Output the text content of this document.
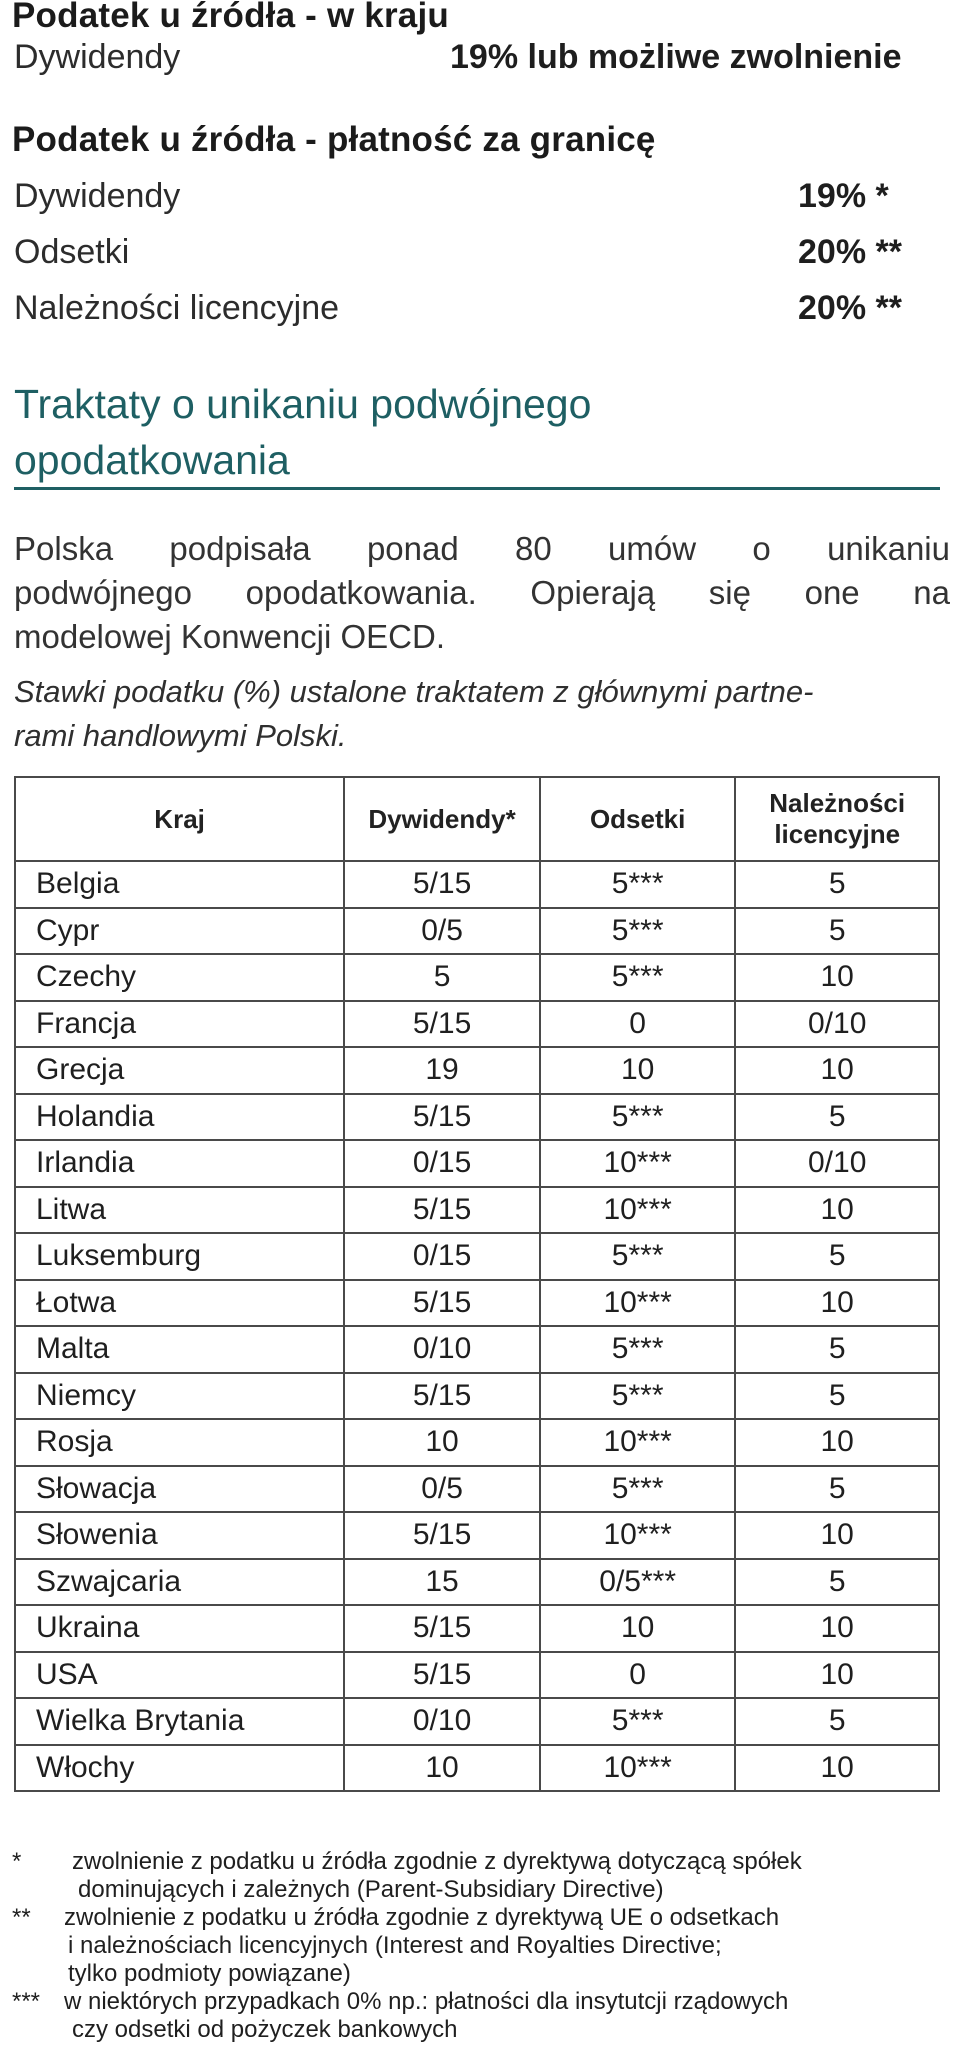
Podatek u źródła - w kraju
Dywidendy	19% lub możliwe zwolnienie
Podatek u źródła - płatność za granicę
Dywidendy	19% *
Odsetki	20% **
Należności licencyjne	20% **
Traktaty o unikaniu podwójnego
opodatkowania
Polska podpisała ponad 80 umów o unikaniu
podwójnego opodatkowania. Opierają się one na
modelowej Konwencji OECD.
Stawki podatku (%) ustalone traktatem z głównymi partne-
rami handlowymi Polski.
Kraj	Dywidendy*	Odsetki	Należności
licencyjne

Belgia	5/15	5***	5
Cypr	0/5	5***	5
Czechy	5	5***	10
Francja	5/15	0	0/10
Grecja	19	10	10
Holandia	5/15	5***	5
Irlandia	0/15	10***	0/10
Litwa	5/15	10***	10
Luksemburg	0/15	5***	5
Łotwa	5/15	10***	10
Malta	0/10	5***	5
Niemcy	5/15	5***	5
Rosja	10	10***	10
Słowacja	0/5	5***	5
Słowenia	5/15	10***	10
Szwajcaria	15	0/5***	5
Ukraina	5/15	10	10
USA	5/15	0	10
Wielka Brytania	0/10	5***	5
Włochy	10	10***	10
*	zwolnienie z podatku u źródła zgodnie z dyrektywą dotyczącą spółek
dominujących i zależnych (Parent-Subsidiary Directive)
** zwolnienie z podatku u źródła zgodnie z dyrektywą UE o odsetkach
i należnościach licencyjnych (Interest and Royalties Directive;
tylko podmioty powiązane)
*** w niektórych przypadkach 0% np.: płatności dla insytutcji rządowych
czy odsetki od pożyczek bankowych
